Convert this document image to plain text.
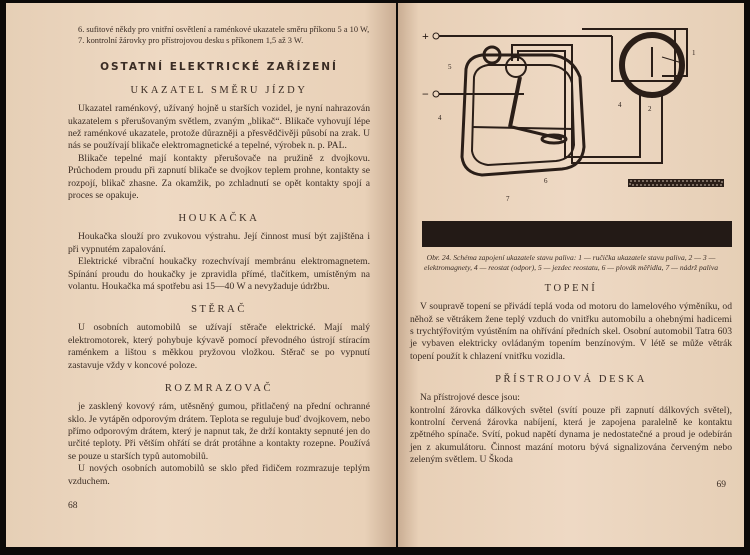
6. sufitové někdy pro vnitřní osvětlení a raménkové ukazatele směru příkonu 5 a 10 W,

7. kontrolní žárovky pro přístrojovou desku s příkonem 1,5 až 3 W.

OSTATNÍ ELEKTRICKÉ ZAŘÍZENÍ
UKAZATEL SMĚRU JÍZDY

Ukazatel raménkový, užívaný hojně u starších vozidel, je nyní nahrazován ukazatelem s přerušovaným světlem, zvaným „blikač“. Blikače vyhovují lépe než raménkové ukazatele, protože důrazněji a přesvědčivěji působí na zrak. U nás se používají blikače elektromagnetické a tepelné, výrobek n. p. PAL.

Blikače tepelné mají kontakty přerušovače na pružině z dvojkovu. Průchodem proudu při zapnutí blikače se dvojkov teplem prohne, kontakty se rozpojí, blikač zhasne. Za okamžik, po zchladnutí se opět kontakty spojí a proces se opakuje.

HOUKAČKA

Houkačka slouží pro zvukovou výstrahu. Její činnost musí být zajištěna i při vypnutém zapalování.

Elektrické vibrační houkačky rozechvívají membránu elektromagnetem. Spínání proudu do houkačky je zpravidla přímé, tlačítkem, umístěným na volantu. Houkačka má spotřebu asi 15—40 W a nevyžaduje údržbu.

STĚRAČ

U osobních automobilů se užívají stěrače elektrické. Mají malý elektromotorek, který pohybuje kývavě pomocí převodného ústrojí stíracím raménkem a lištou s měkkou pryžovou vložkou. Stěrač se po vypnutí zastavuje vždy v koncové poloze.

ROZMRAZOVAČ

je zasklený kovový rám, utěsněný gumou, přitlačený na přední ochranné sklo. Je vytápěn odporovým drátem. Teplota se reguluje buď dvojkovem, nebo přímo odporovým drátem, který je napnut tak, že drží kontakty sepnuté jen do určité teploty. Při větším ohřátí se drát protáhne a kontakty rozepne. Používá se pouze u starších typů automobilů.

U nových osobních automobilů se sklo před řidičem rozmrazuje teplým vzduchem.

68
+
−
1
2
4
4
5
6
7
Obr. 24. Schéma zapojení ukazatele stavu paliva: 1 — ručička ukazatele stavu paliva, 2 — 3 — elektromagnety, 4 — reostat (odpor), 5 — jezdec reostatu, 6 — plovák měřidla, 7 — nádrž paliva
TOPENÍ

V soupravě topení se přivádí teplá voda od motoru do lamelového výměníku, od něhož se větrákem žene teplý vzduch do vnitřku automobilu a ohebnými hadicemi s trychtýřovitým vyústěním na ohřívání předních skel. Osobní automobil Tatra 603 je vybaven elektricky ovládaným topením benzínovým. V létě se může větrák topení použít k chlazení vnitřku vozidla.

PŘÍSTROJOVÁ DESKA

Na přístrojové desce jsou:

kontrolní žárovka dálkových světel (svítí pouze při zapnutí dálkových světel), kontrolní červená žárovka nabíjení, která je zapojena paralelně ke kontaktu zpětného spínače. Svítí, pokud napětí dynama je nedostatečné a proud je odebírán jen z akumulátoru. Činnost mazání motoru bývá signalizována červeným nebo zeleným světlem. U Škoda

69
